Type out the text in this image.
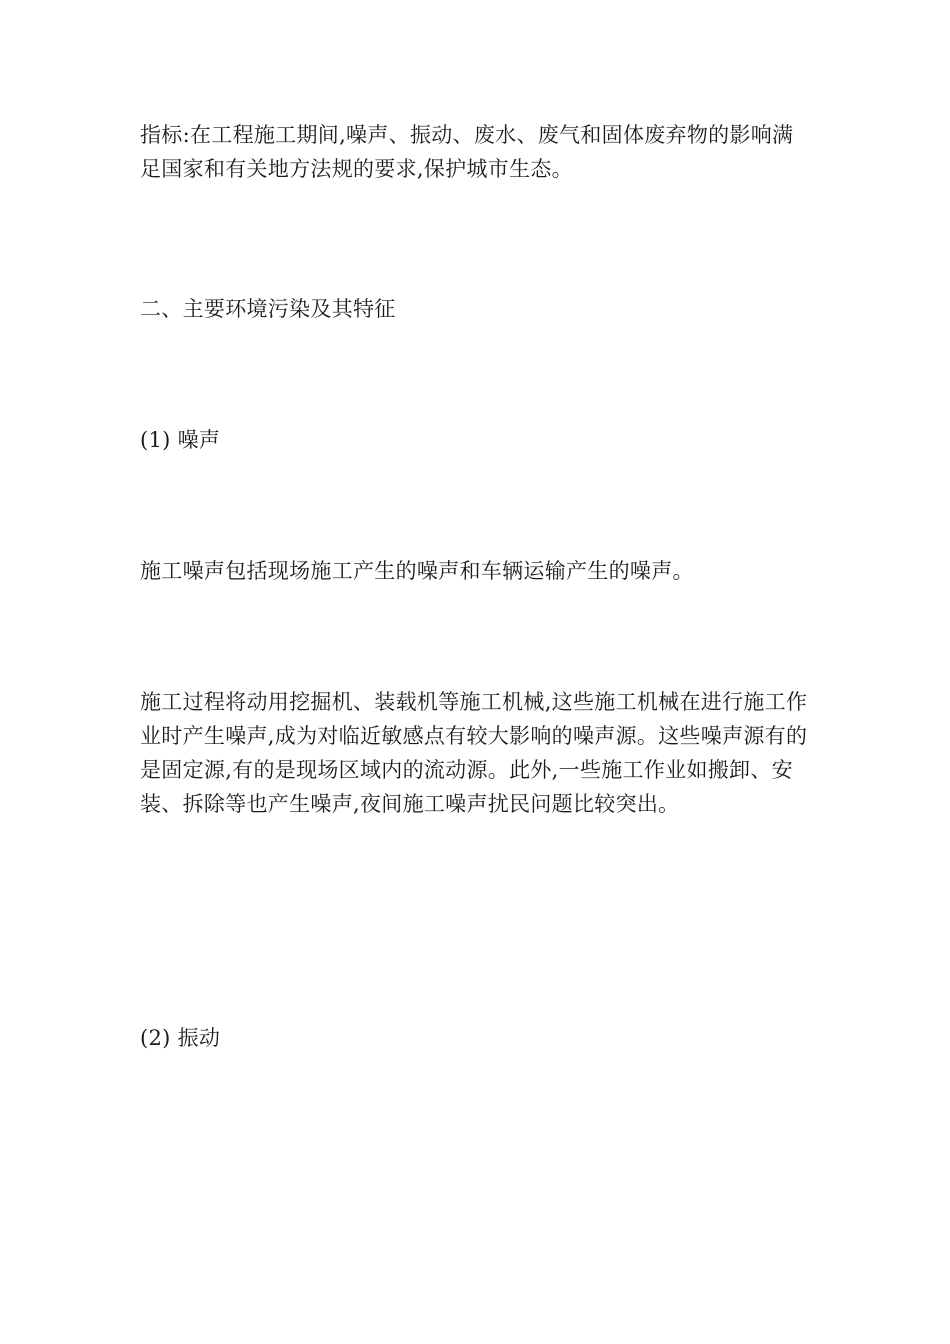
指标:在工程施工期间,噪声、振动、废水、废气和固体废弃物的影响满足国家和有关地方法规的要求,保护城市生态。

二、主要环境污染及其特征

(1) 噪声

施工噪声包括现场施工产生的噪声和车辆运输产生的噪声。

施工过程将动用挖掘机、装载机等施工机械,这些施工机械在进行施工作业时产生噪声,成为对临近敏感点有较大影响的噪声源。这些噪声源有的是固定源,有的是现场区域内的流动源。此外,一些施工作业如搬卸、安装、拆除等也产生噪声,夜间施工噪声扰民问题比较突出。

(2) 振动
